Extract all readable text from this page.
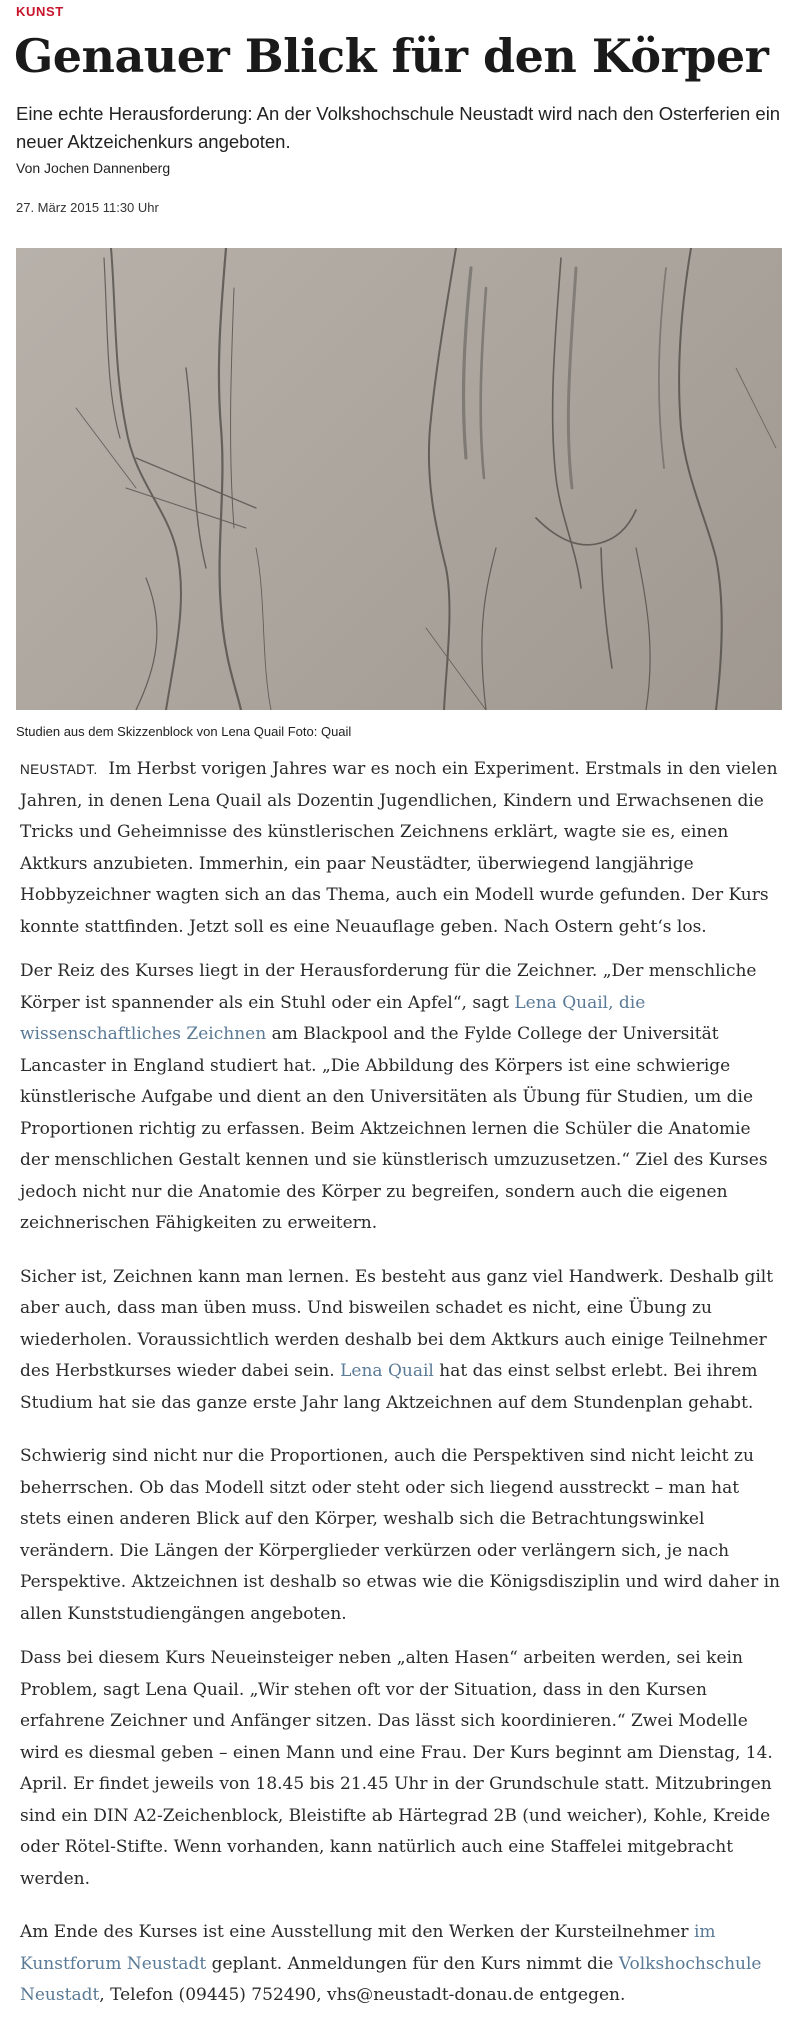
KUNST
Genauer Blick für den Körper

Eine echte Herausforderung: An der Volkshochschule Neustadt wird nach den Osterferien ein neuer Aktzeichenkurs angeboten.

Von Jochen Dannenberg
27. März 2015 11:30 Uhr
Studien aus dem Skizzenblock von Lena Quail Foto: Quail

NEUSTADT. Im Herbst vorigen Jahres war es noch ein Experiment. Erstmals in den vielen Jahren, in denen Lena Quail als Dozentin Jugendlichen, Kindern und Erwachsenen die Tricks und Geheimnisse des künstlerischen Zeichnens erklärt, wagte sie es, einen Aktkurs anzubieten. Immerhin, ein paar Neustädter, überwiegend langjährige Hobbyzeichner wagten sich an das Thema, auch ein Modell wurde gefunden. Der Kurs konnte stattfinden. Jetzt soll es eine Neuauflage geben. Nach Ostern geht‘s los.

Der Reiz des Kurses liegt in der Herausforderung für die Zeichner. „Der menschliche Körper ist spannender als ein Stuhl oder ein Apfel“, sagt Lena Quail, die wissenschaftliches Zeichnen am Blackpool and the Fylde College der Universität Lancaster in England studiert hat. „Die Abbildung des Körpers ist eine schwierige künstlerische Aufgabe und dient an den Universitäten als Übung für Studien, um die Proportionen richtig zu erfassen. Beim Aktzeichnen lernen die Schüler die Anatomie der menschlichen Gestalt kennen und sie künstlerisch umzuzusetzen.“ Ziel des Kurses jedoch nicht nur die Anatomie des Körper zu begreifen, sondern auch die eigenen zeichnerischen Fähigkeiten zu erweitern.

Sicher ist, Zeichnen kann man lernen. Es besteht aus ganz viel Handwerk. Deshalb gilt aber auch, dass man üben muss. Und bisweilen schadet es nicht, eine Übung zu wiederholen. Voraussichtlich werden deshalb bei dem Aktkurs auch einige Teilnehmer des Herbstkurses wieder dabei sein. Lena Quail hat das einst selbst erlebt. Bei ihrem Studium hat sie das ganze erste Jahr lang Aktzeichnen auf dem Stundenplan gehabt.

Schwierig sind nicht nur die Proportionen, auch die Perspektiven sind nicht leicht zu beherrschen. Ob das Modell sitzt oder steht oder sich liegend ausstreckt – man hat stets einen anderen Blick auf den Körper, weshalb sich die Betrachtungswinkel verändern. Die Längen der Körperglieder verkürzen oder verlängern sich, je nach Perspektive. Aktzeichnen ist deshalb so etwas wie die Königsdisziplin und wird daher in allen Kunststudiengängen angeboten.

Dass bei diesem Kurs Neueinsteiger neben „alten Hasen“ arbeiten werden, sei kein Problem, sagt Lena Quail. „Wir stehen oft vor der Situation, dass in den Kursen erfahrene Zeichner und Anfänger sitzen. Das lässt sich koordinieren.“ Zwei Modelle wird es diesmal geben – einen Mann und eine Frau. Der Kurs beginnt am Dienstag, 14. April. Er findet jeweils von 18.45 bis 21.45 Uhr in der Grundschule statt. Mitzubringen sind ein DIN A2-Zeichenblock, Bleistifte ab Härtegrad 2B (und weicher), Kohle, Kreide oder Rötel-Stifte. Wenn vorhanden, kann natürlich auch eine Staffelei mitgebracht werden.

Am Ende des Kurses ist eine Ausstellung mit den Werken der Kursteilnehmer im Kunstforum Neustadt geplant. Anmeldungen für den Kurs nimmt die Volkshochschule Neustadt, Telefon (09445) 752490, vhs@neustadt-donau.de entgegen.
